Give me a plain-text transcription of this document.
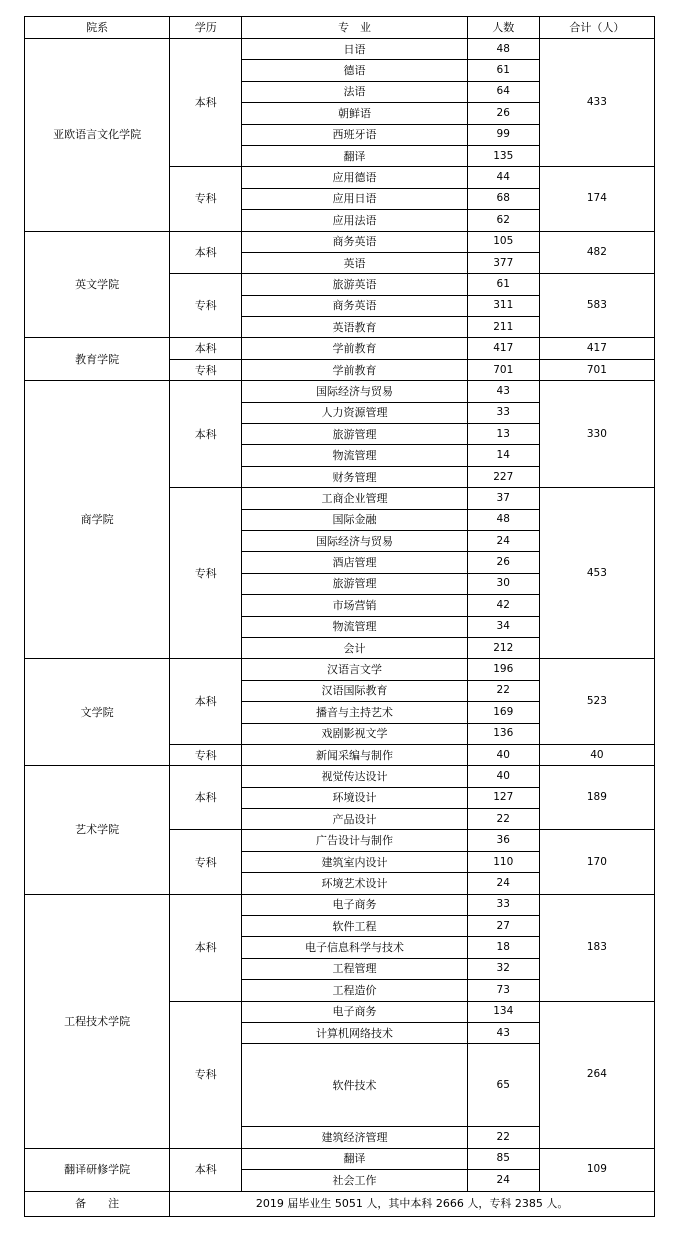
院系	学历	专　业	人数	合计（人）
亚欧语言文化学院	本科	日语	48	433
		德语	61	
		法语	64	
		朝鲜语	26	
		西班牙语	99	
		翻译	135	
	专科	应用德语	44	174
		应用日语	68	
		应用法语	62	
英文学院	本科	商务英语	105	482
		英语	377	
	专科	旅游英语	61	583
		商务英语	311	
		英语教育	211	
教育学院	本科	学前教育	417	417
	专科	学前教育	701	701
商学院	本科	国际经济与贸易	43	330
		人力资源管理	33	
		旅游管理	13	
		物流管理	14	
		财务管理	227	
	专科	工商企业管理	37	453
		国际金融	48	
		国际经济与贸易	24	
		酒店管理	26	
		旅游管理	30	
		市场营销	42	
		物流管理	34	
		会计	212	
文学院	本科	汉语言文学	196	523
		汉语国际教育	22	
		播音与主持艺术	169	
		戏剧影视文学	136	
	专科	新闻采编与制作	40	40
艺术学院	本科	视觉传达设计	40	189
		环境设计	127	
		产品设计	22	
	专科	广告设计与制作	36	170
		建筑室内设计	110	
		环境艺术设计	24	
工程技术学院	本科	电子商务	33	183
		软件工程	27	
		电子信息科学与技术	18	
		工程管理	32	
		工程造价	73	
	专科	电子商务	134	264
		计算机网络技术	43	
		软件技术	65	
		建筑经济管理	22	
翻译研修学院	本科	翻译	85	109
		社会工作	24	
备　　注	2019 届毕业生 5051 人，其中本科 2666 人，专科 2385 人。			
